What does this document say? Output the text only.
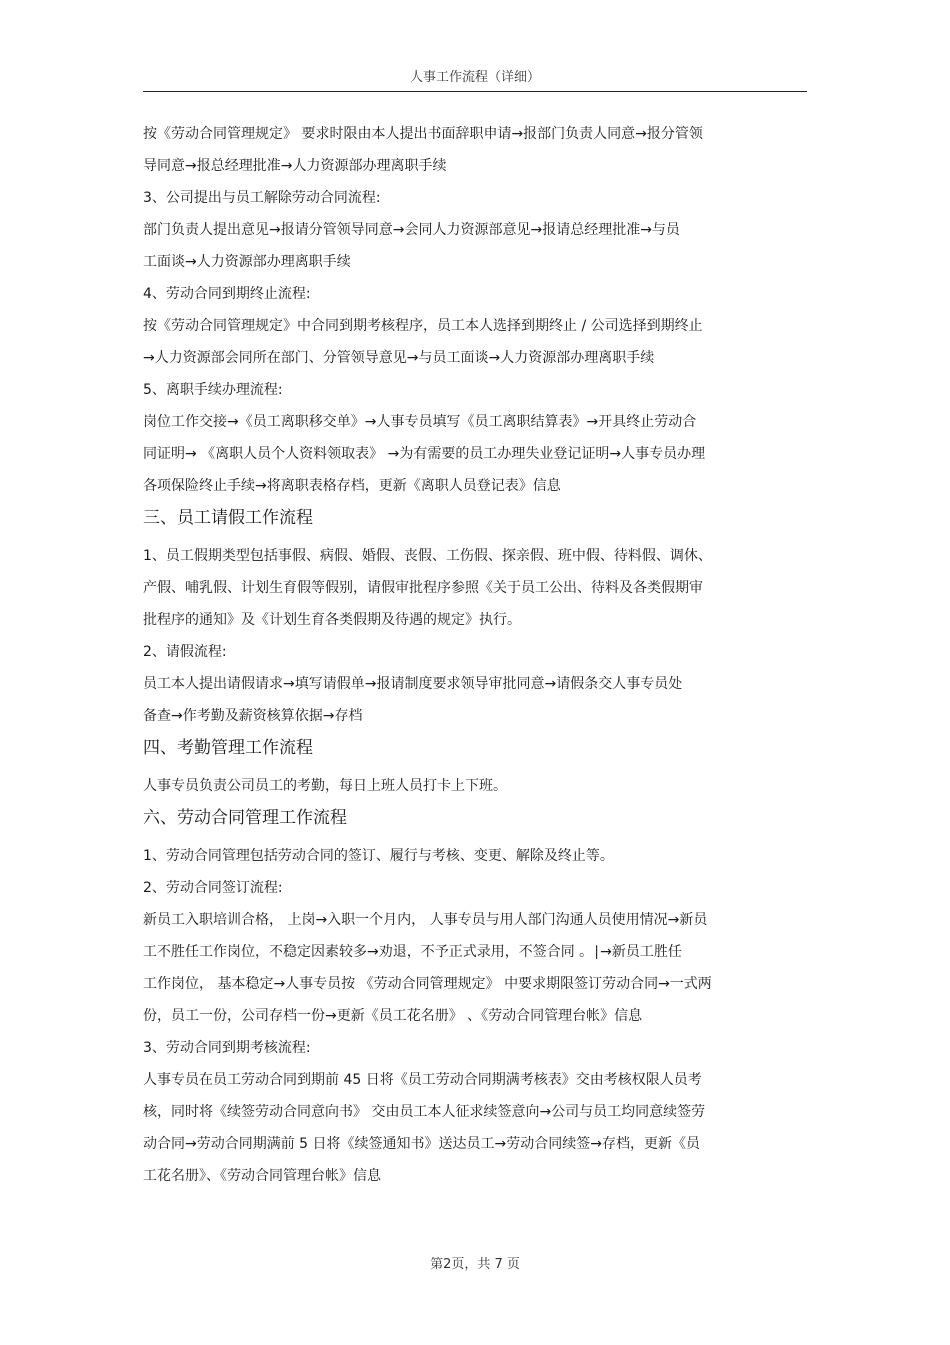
人事工作流程（详细）
按《劳动合同管理规定》 要求时限由本人提出书面辞职申请→报部门负责人同意→报分管领
导同意→报总经理批准→人力资源部办理离职手续
3、公司提出与员工解除劳动合同流程:
部门负责人提出意见→报请分管领导同意→会同人力资源部意见→报请总经理批准→与员
工面谈→人力资源部办理离职手续
4、劳动合同到期终止流程:
按《劳动合同管理规定》中合同到期考核程序，员工本人选择到期终止 / 公司选择到期终止
→人力资源部会同所在部门、分管领导意见→与员工面谈→人力资源部办理离职手续
5、离职手续办理流程:
岗位工作交接→《员工离职移交单》→人事专员填写《员工离职结算表》→开具终止劳动合
同证明→ 《离职人员个人资料领取表》 →为有需要的员工办理失业登记证明→人事专员办理
各项保险终止手续→将离职表格存档，更新《离职人员登记表》信息
三、员工请假工作流程
1、员工假期类型包括事假、病假、婚假、丧假、工伤假、探亲假、班中假、待料假、调休、
产假、哺乳假、计划生育假等假别，请假审批程序参照《关于员工公出、待料及各类假期审
批程序的通知》及《计划生育各类假期及待遇的规定》执行。
2、请假流程:
员工本人提出请假请求→填写请假单→报请制度要求领导审批同意→请假条交人事专员处
备查→作考勤及薪资核算依据→存档
四、考勤管理工作流程
人事专员负责公司员工的考勤，每日上班人员打卡上下班。
六、劳动合同管理工作流程
1、劳动合同管理包括劳动合同的签订、履行与考核、变更、解除及终止等。
2、劳动合同签订流程:
新员工入职培训合格， 上岗→入职一个月内， 人事专员与用人部门沟通人员使用情况→新员
工不胜任工作岗位，不稳定因素较多→劝退，不予正式录用，不签合同 。∣→新员工胜任
工作岗位， 基本稳定→人事专员按 《劳动合同管理规定》 中要求期限签订劳动合同→一式两
份，员工一份，公司存档一份→更新《员工花名册》 、《劳动合同管理台帐》信息
3、劳动合同到期考核流程:
人事专员在员工劳动合同到期前 45 日将《员工劳动合同期满考核表》交由考核权限人员考
核，同时将《续签劳动合同意向书》 交由员工本人征求续签意向→公司与员工均同意续签劳
动合同→劳动合同期满前 5 日将《续签通知书》送达员工→劳动合同续签→存档，更新《员
工花名册》、《劳动合同管理台帐》信息
第2页，共 7 页
